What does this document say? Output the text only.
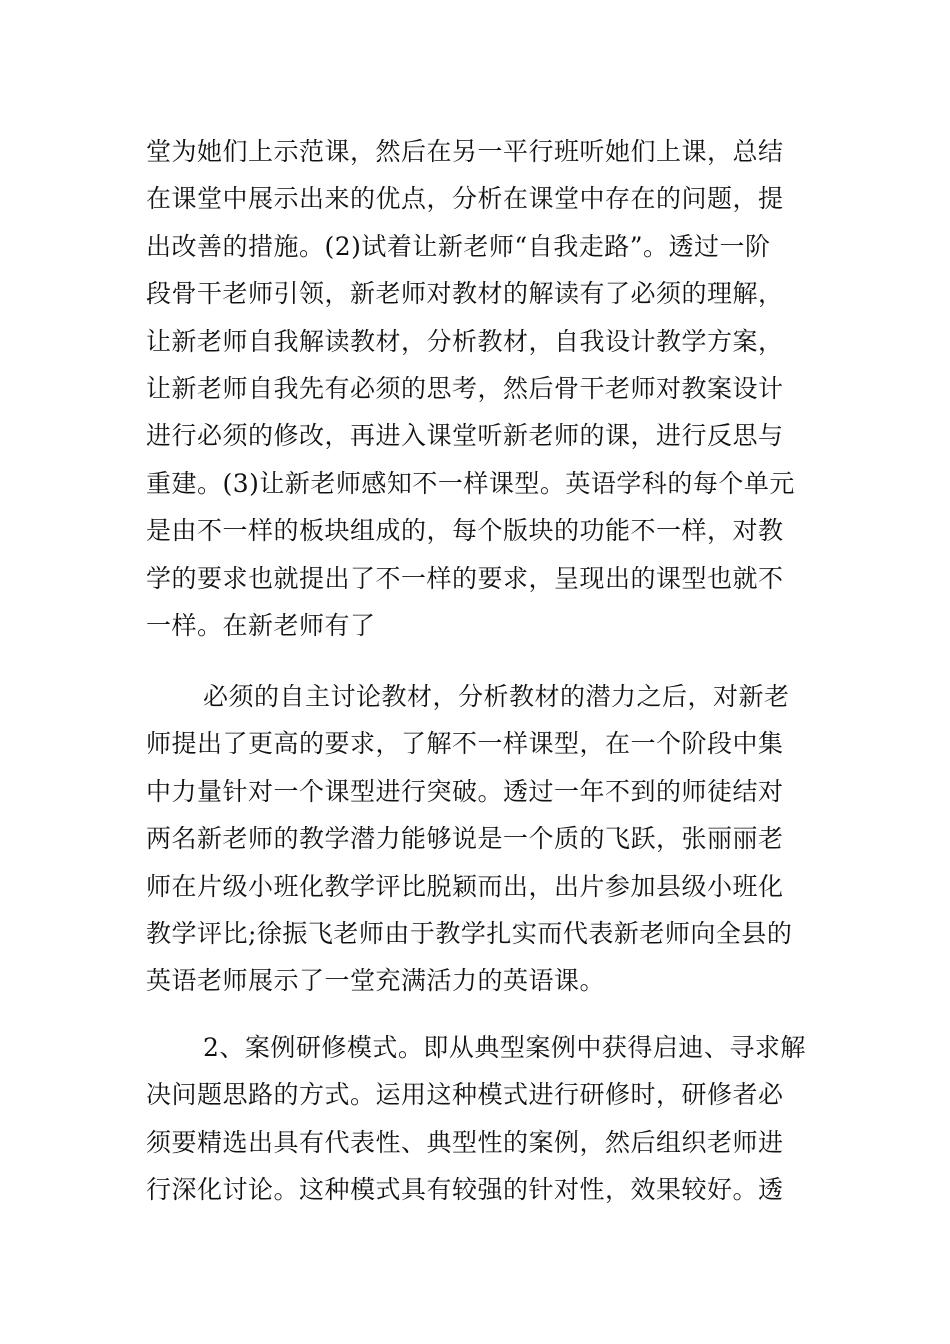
堂为她们上示范课，然后在另一平行班听她们上课，总结
在课堂中展示出来的优点，分析在课堂中存在的问题，提
出改善的措施。(2)试着让新老师“自我走路”。透过一阶
段骨干老师引领，新老师对教材的解读有了必须的理解，
让新老师自我解读教材，分析教材，自我设计教学方案，
让新老师自我先有必须的思考，然后骨干老师对教案设计
进行必须的修改，再进入课堂听新老师的课，进行反思与
重建。(3)让新老师感知不一样课型。英语学科的每个单元
是由不一样的板块组成的，每个版块的功能不一样，对教
学的要求也就提出了不一样的要求，呈现出的课型也就不
一样。在新老师有了
必须的自主讨论教材，分析教材的潜力之后，对新老
师提出了更高的要求，了解不一样课型，在一个阶段中集
中力量针对一个课型进行突破。透过一年不到的师徒结对
两名新老师的教学潜力能够说是一个质的飞跃，张丽丽老
师在片级小班化教学评比脱颖而出，出片参加县级小班化
教学评比;徐振飞老师由于教学扎实而代表新老师向全县的
英语老师展示了一堂充满活力的英语课。
2、案例研修模式。即从典型案例中获得启迪、寻求解
决问题思路的方式。运用这种模式进行研修时，研修者必
须要精选出具有代表性、典型性的案例，然后组织老师进
行深化讨论。这种模式具有较强的针对性，效果较好。透
